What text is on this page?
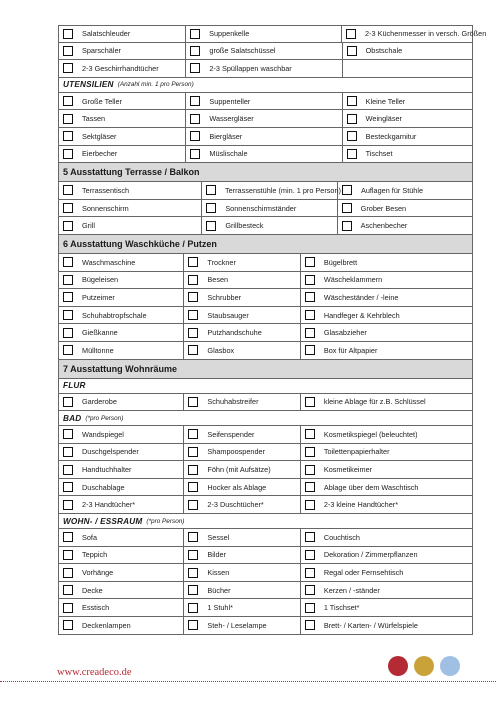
Salatschleuder	Suppenkelle	2-3 Küchenmesser in versch. Größen
Sparschäler	große Salatschüssel	Obstschale
2-3 Geschirrhandtücher	2-3 Spüllappen waschbar
UTENSILIEN (Anzahl min. 1 pro Person)
Große Teller	Suppenteller	Kleine Teller
Tassen	Wassergläser	Weingläser
Sektgläser	Biergläser	Besteckgarnitur
Eierbecher	Müslischale	Tischset
5 Ausstattung Terrasse / Balkon
Terrassentisch	Terrassenstühle (min. 1 pro Person)	Auflagen für Stühle
Sonnenschirm	Sonnenschirmständer	Grober Besen
Grill	Grillbesteck	Aschenbecher
6 Ausstattung Waschküche / Putzen
Waschmaschine	Trockner	Bügelbrett
Bügeleisen	Besen	Wäscheklammern
Putzeimer	Schrubber	Wäscheständer / -leine
Schuhabtropfschale	Staubsauger	Handfeger & Kehrblech
Gießkanne	Putzhandschuhe	Glasabzieher
Mülltonne	Glasbox	Box für Altpapier
7 Ausstattung Wohnräume
FLUR
Garderobe	Schuhabstreifer	kleine Ablage für z.B. Schlüssel
BAD (*pro Person)
Wandspiegel	Seifenspender	Kosmetikspiegel (beleuchtet)
Duschgelspender	Shampoospender	Toilettenpapierhalter
Handtuchhalter	Föhn (mit Aufsätze)	Kosmetikeimer
Duschablage	Hocker als Ablage	Ablage über dem Waschtisch
2-3 Handtücher*	2-3 Duschtücher*	2-3 kleine Handtücher*
WOHN- / ESSRAUM (*pro Person)
Sofa	Sessel	Couchtisch
Teppich	Bilder	Dekoration / Zimmerpflanzen
Vorhänge	Kissen	Regal oder Fernsehtisch
Decke	Bücher	Kerzen / -ständer
Esstisch	1 Stuhl*	1 Tischset*
Deckenlampen	Steh- / Leselampe	Brett- / Karten- / Würfelspiele
www.creadeco.de
